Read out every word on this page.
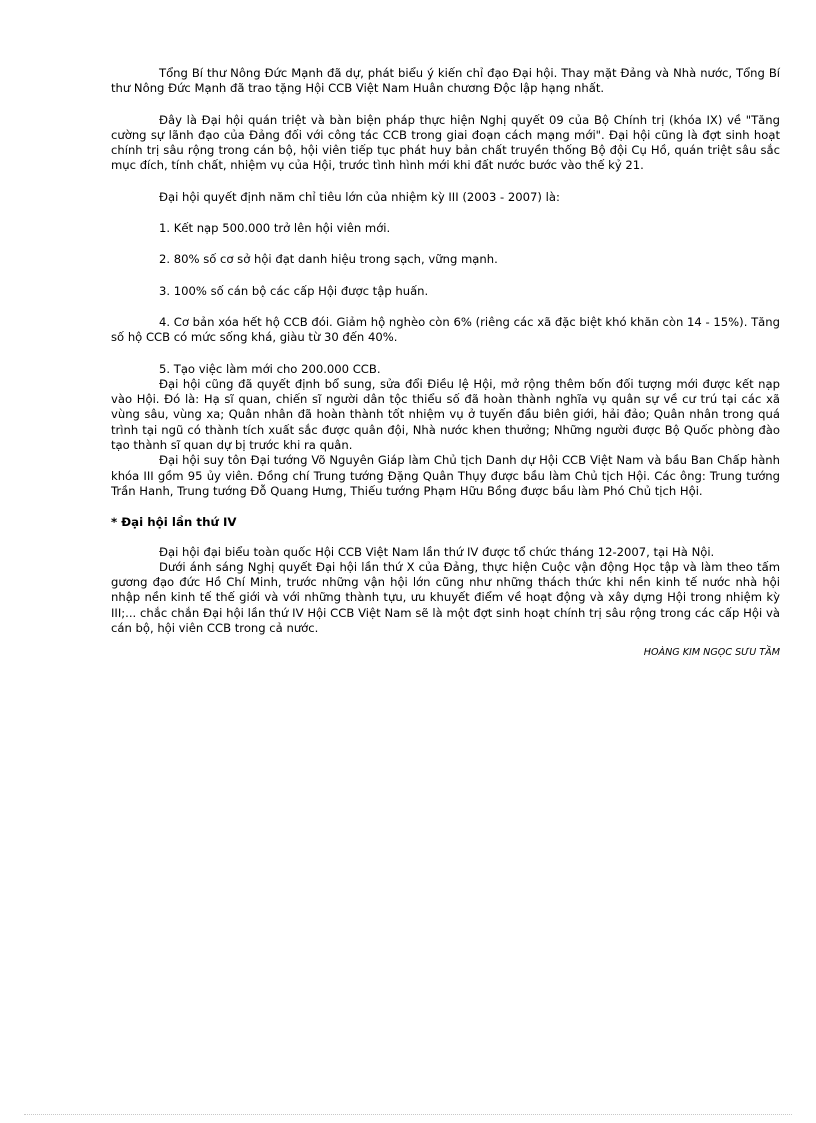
Tổng Bí thư Nông Đức Mạnh đã dự, phát biểu ý kiến chỉ đạo Đại hội. Thay mặt Đảng và Nhà nước, Tổng Bí thư Nông Đức Mạnh đã trao tặng Hội CCB Việt Nam Huân chương Độc lập hạng nhất.

Đây là Đại hội quán triệt và bàn biện pháp thực hiện Nghị quyết 09 của Bộ Chính trị (khóa IX) về "Tăng cường sự lãnh đạo của Đảng đối với công tác CCB trong giai đoạn cách mạng mới". Đại hội cũng là đợt sinh hoạt chính trị sâu rộng trong cán bộ, hội viên tiếp tục phát huy bản chất truyền thống Bộ đội Cụ Hồ, quán triệt sâu sắc mục đích, tính chất, nhiệm vụ của Hội, trước tình hình mới khi đất nước bước vào thế kỷ 21.

Đại hội quyết định năm chỉ tiêu lớn của nhiệm kỳ III (2003 - 2007) là:

1. Kết nạp 500.000 trở lên hội viên mới.

2. 80% số cơ sở hội đạt danh hiệu trong sạch, vững mạnh.

3. 100% số cán bộ các cấp Hội được tập huấn.

4. Cơ bản xóa hết hộ CCB đói. Giảm hộ nghèo còn 6% (riêng các xã đặc biệt khó khăn còn 14 - 15%). Tăng số hộ CCB có mức sống khá, giàu từ 30 đến 40%.

5. Tạo việc làm mới cho 200.000 CCB.

Đại hội cũng đã quyết định bổ sung, sửa đổi Điều lệ Hội, mở rộng thêm bốn đối tượng mới được kết nạp vào Hội. Đó là: Hạ sĩ quan, chiến sĩ người dân tộc thiểu số đã hoàn thành nghĩa vụ quân sự về cư trú tại các xã vùng sâu, vùng xa; Quân nhân đã hoàn thành tốt nhiệm vụ ở tuyến đầu biên giới, hải đảo; Quân nhân trong quá trình tại ngũ có thành tích xuất sắc được quân đội, Nhà nước khen thưởng; Những người được Bộ Quốc phòng đào tạo thành sĩ quan dự bị trước khi ra quân.

Đại hội suy tôn Đại tướng Võ Nguyên Giáp làm Chủ tịch Danh dự Hội CCB Việt Nam và bầu Ban Chấp hành khóa III gồm 95 ủy viên. Đồng chí Trung tướng Đặng Quân Thụy được bầu làm Chủ tịch Hội. Các ông: Trung tướng Trần Hanh, Trung tướng Đỗ Quang Hưng, Thiếu tướng Phạm Hữu Bồng được bầu làm Phó Chủ tịch Hội.

* Đại hội lần thứ IV

Đại hội đại biểu toàn quốc Hội CCB Việt Nam lần thứ IV được tổ chức tháng 12-2007, tại Hà Nội.

Dưới ánh sáng Nghị quyết Đại hội lần thứ X của Đảng, thực hiện Cuộc vận động Học tập và làm theo tấm gương đạo đức Hồ Chí Minh, trước những vận hội lớn cũng như những thách thức khi nền kinh tế nước nhà hội nhập nền kinh tế thế giới và với những thành tựu, ưu khuyết điểm về hoạt động và xây dựng Hội trong nhiệm kỳ III;... chắc chắn Đại hội lần thứ IV Hội CCB Việt Nam sẽ là một đợt sinh hoạt chính trị sâu rộng trong các cấp Hội và cán bộ, hội viên CCB trong cả nước.

HOÀNG KIM NGỌC SƯU TẦM
